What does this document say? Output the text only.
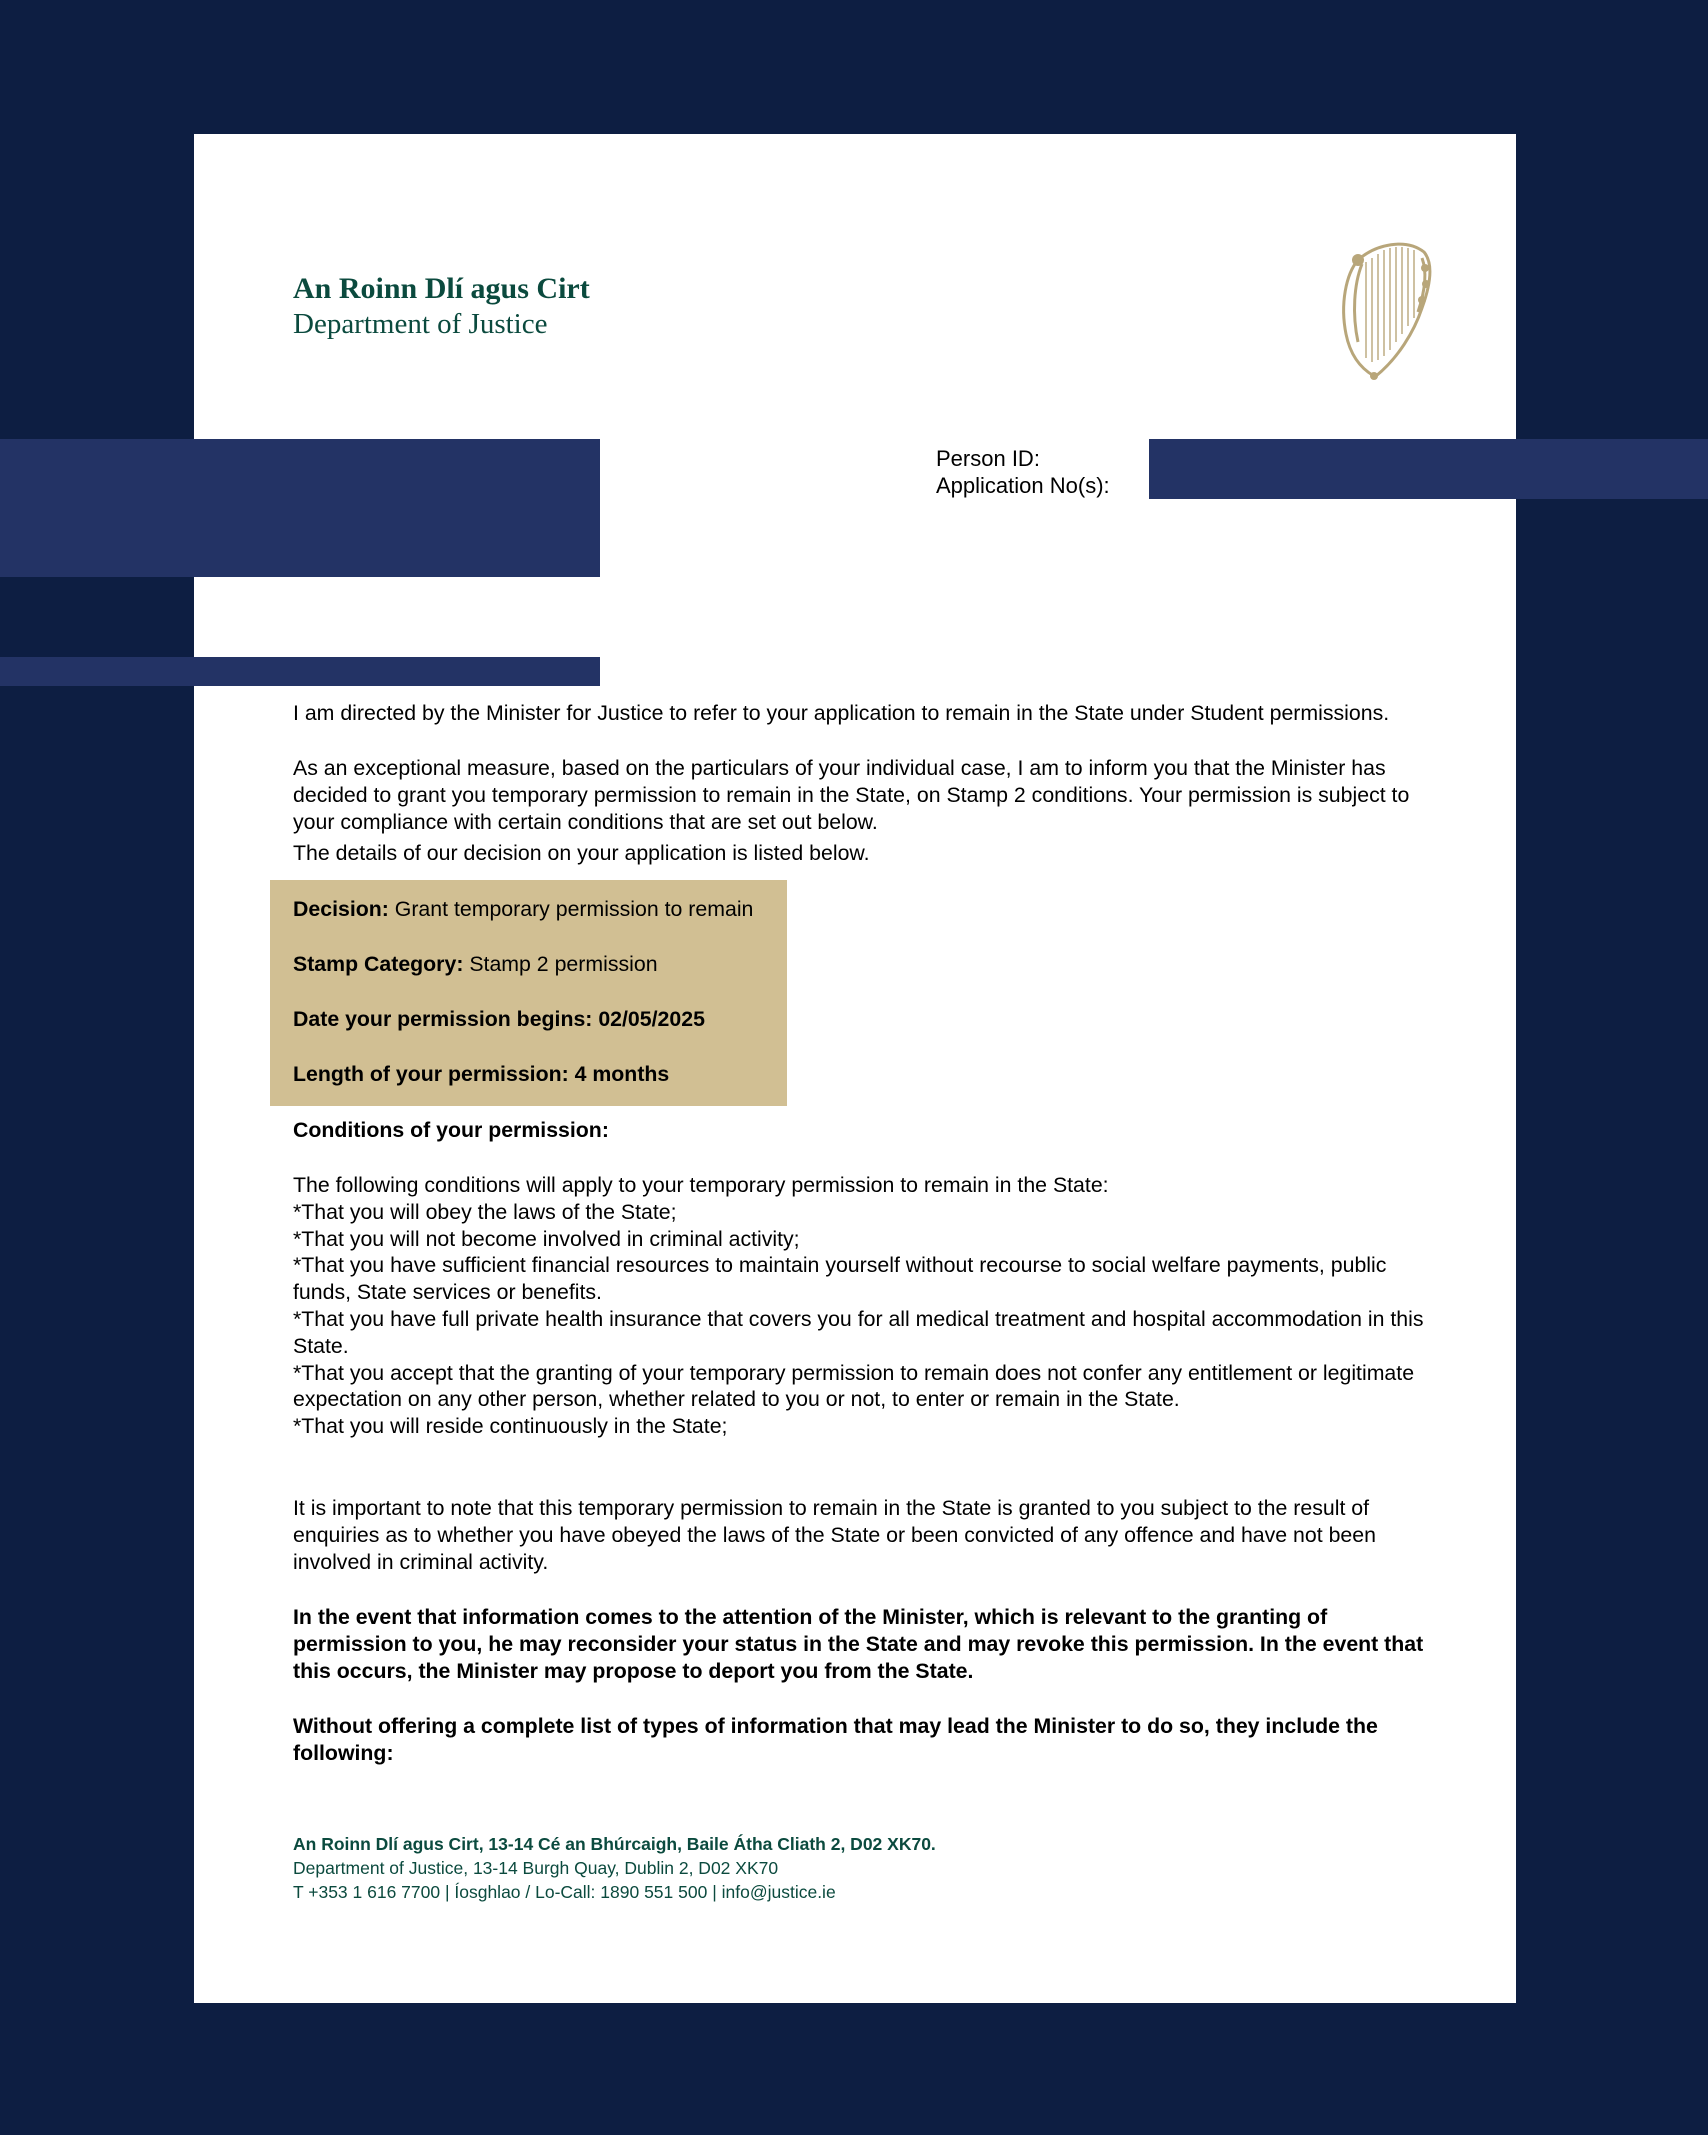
An Roinn Dlí agus Cirt
Department of Justice
Person ID:
Application No(s):
I am directed by the Minister for Justice to refer to your application to remain in the State under Student permissions.
As an exceptional measure, based on the particulars of your individual case, I am to inform you that the Minister has decided to grant you temporary permission to remain in the State, on Stamp 2 conditions. Your permission is subject to your compliance with certain conditions that are set out below.
The details of our decision on your application is listed below.
Decision: Grant temporary permission to remain
Stamp Category: Stamp 2 permission
Date your permission begins: 02/05/2025
Length of your permission: 4 months
Conditions of your permission:
The following conditions will apply to your temporary permission to remain in the State:
*That you will obey the laws of the State;
*That you will not become involved in criminal activity;
*That you have sufficient financial resources to maintain yourself without recourse to social welfare payments, public funds, State services or benefits.
*That you have full private health insurance that covers you for all medical treatment and hospital accommodation in this State.
*That you accept that the granting of your temporary permission to remain does not confer any entitlement or legitimate expectation on any other person, whether related to you or not, to enter or remain in the State.
*That you will reside continuously in the State;
It is important to note that this temporary permission to remain in the State is granted to you subject to the result of enquiries as to whether you have obeyed the laws of the State or been convicted of any offence and have not been involved in criminal activity.
In the event that information comes to the attention of the Minister, which is relevant to the granting of permission to you, he may reconsider your status in the State and may revoke this permission. In the event that this occurs, the Minister may propose to deport you from the State.
Without offering a complete list of types of information that may lead the Minister to do so, they include the following:
An Roinn Dlí agus Cirt, 13-14 Cé an Bhúrcaigh, Baile Átha Cliath 2, D02 XK70.
Department of Justice, 13-14 Burgh Quay, Dublin 2, D02 XK70
T +353 1 616 7700 | Íosghlao / Lo-Call: 1890 551 500 | info@justice.ie
